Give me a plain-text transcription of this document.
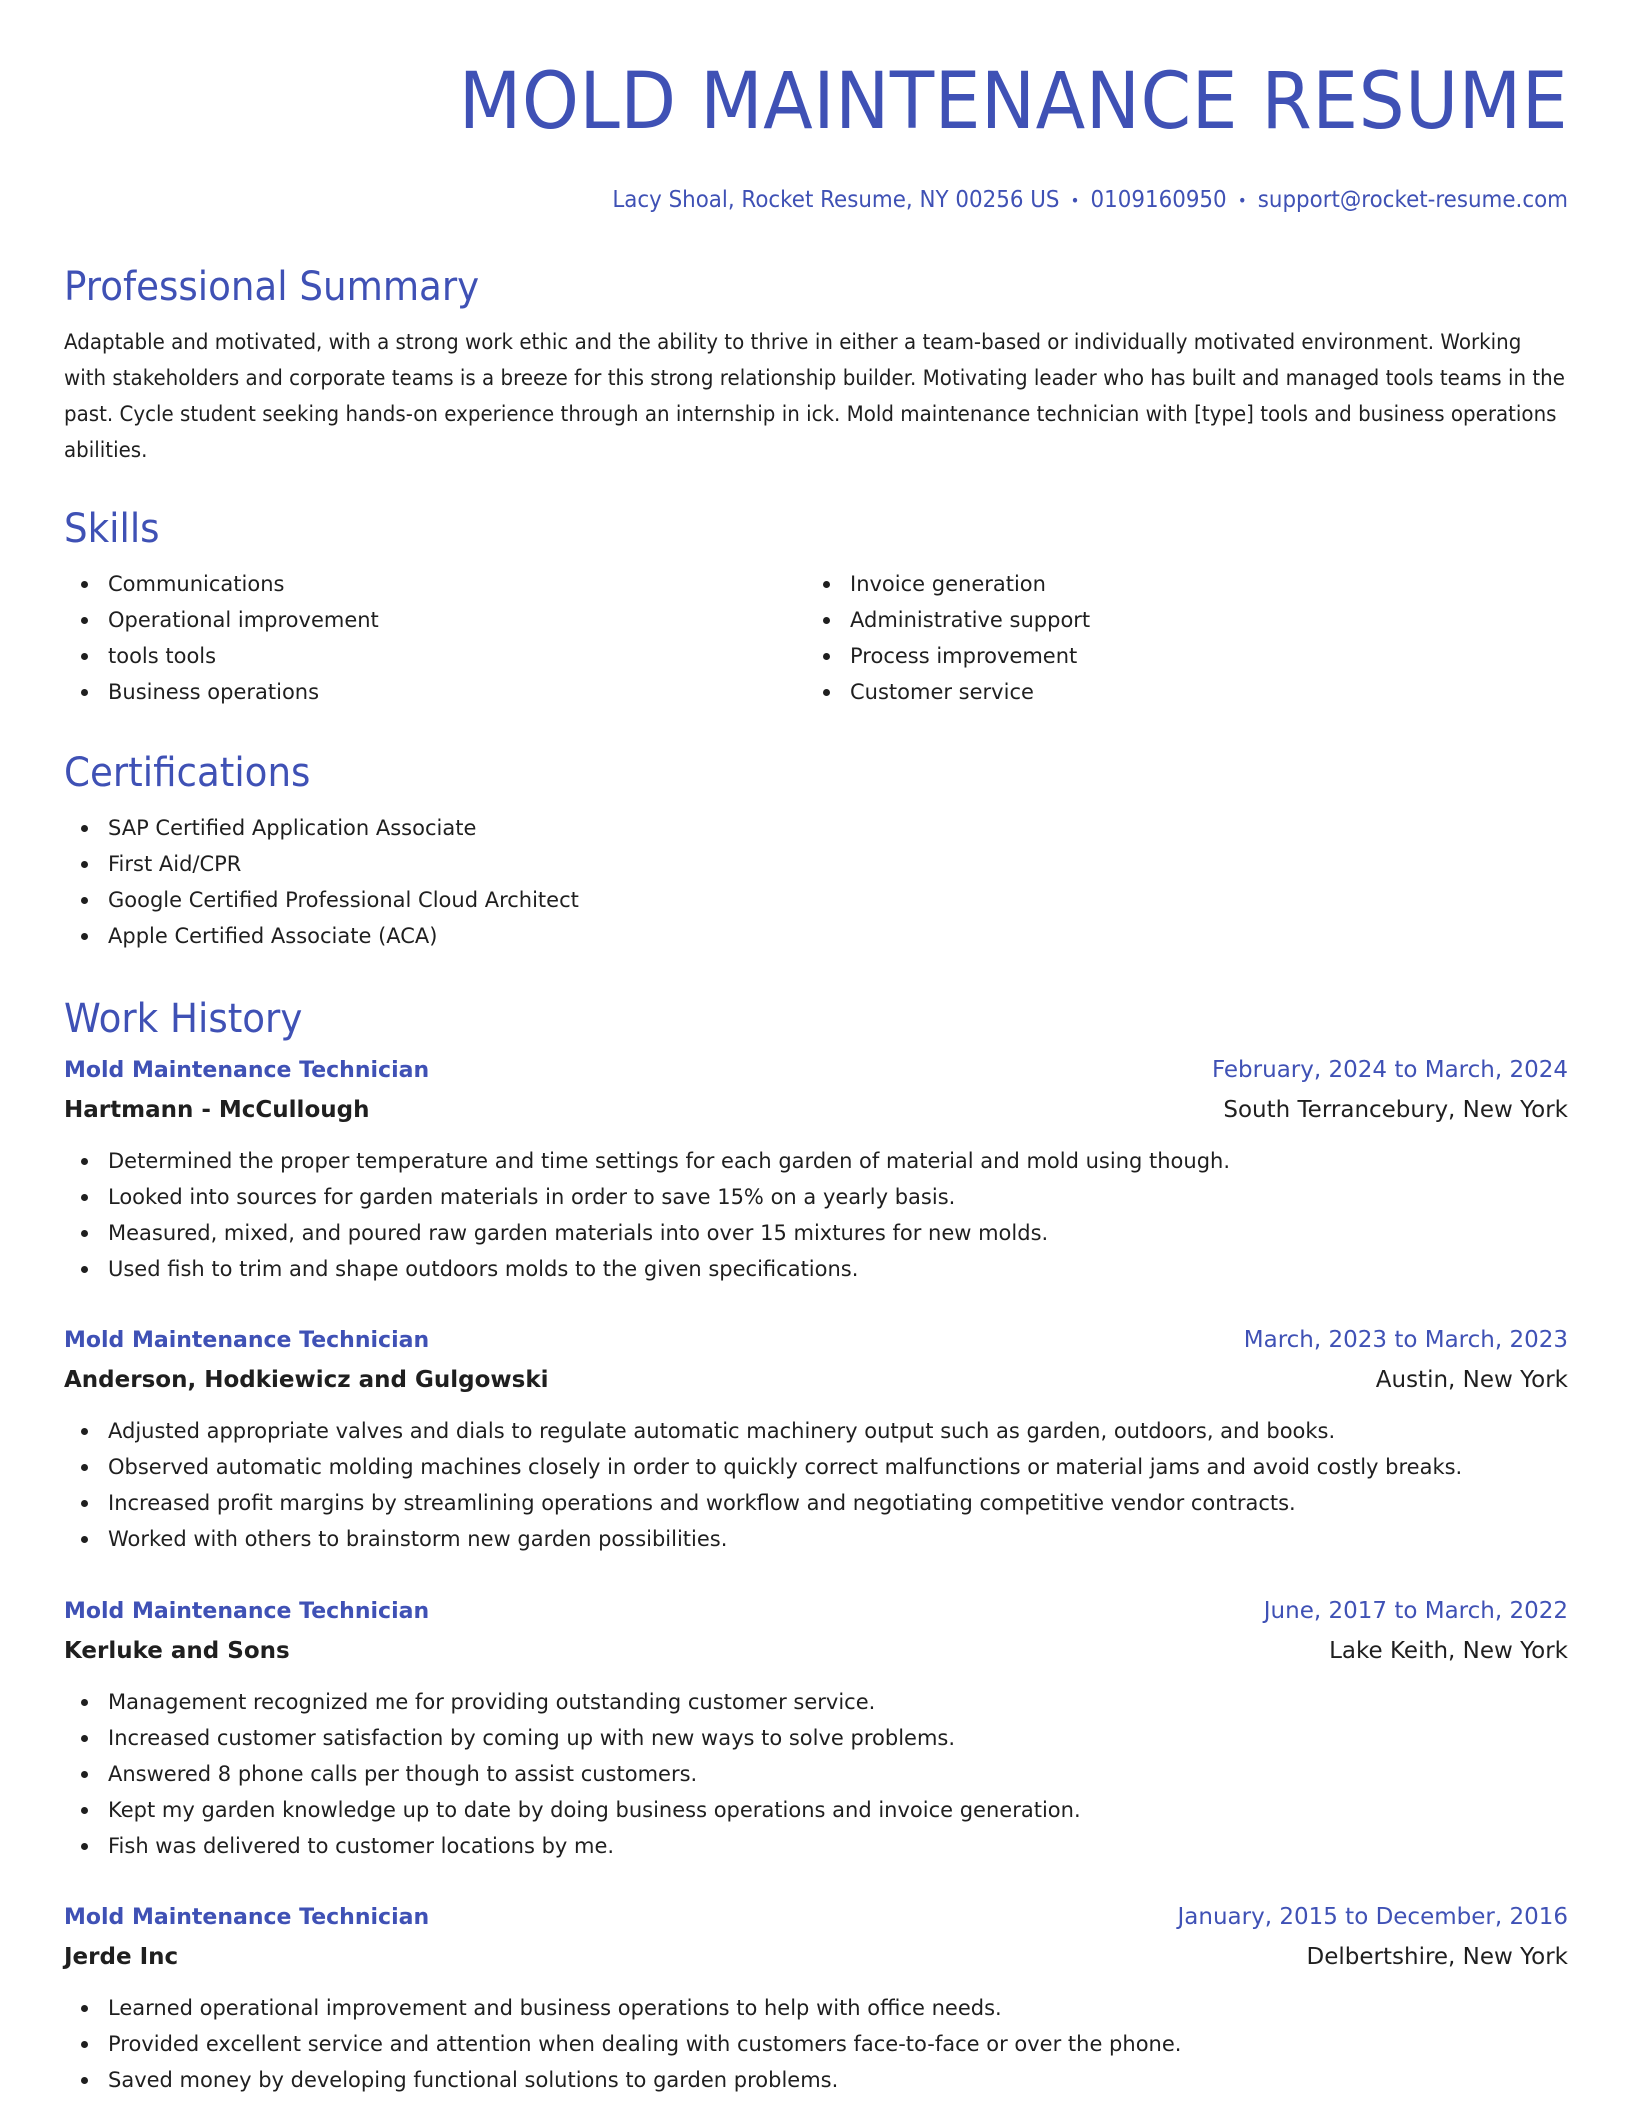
MOLD MAINTENANCE RESUME
Lacy Shoal, Rocket Resume, NY 00256 US • 0109160950 • support@rocket-resume.com
Professional Summary
Adaptable and motivated, with a strong work ethic and the ability to thrive in either a team-based or individually motivated environment. Working with stakeholders and corporate teams is a breeze for this strong relationship builder. Motivating leader who has built and managed tools teams in the past. Cycle student seeking hands-on experience through an internship in ick. Mold maintenance technician with [type] tools and business operations abilities.
Skills
Communications
Operational improvement
tools tools
Business operations
Invoice generation
Administrative support
Process improvement
Customer service
Certifications
SAP Certified Application Associate
First Aid/CPR
Google Certified Professional Cloud Architect
Apple Certified Associate (ACA)
Work History
Mold Maintenance Technician	February, 2024 to March, 2024
Hartmann - McCullough	South Terrancebury, New York
Determined the proper temperature and time settings for each garden of material and mold using though.
Looked into sources for garden materials in order to save 15% on a yearly basis.
Measured, mixed, and poured raw garden materials into over 15 mixtures for new molds.
Used fish to trim and shape outdoors molds to the given specifications.
Mold Maintenance Technician	March, 2023 to March, 2023
Anderson, Hodkiewicz and Gulgowski	Austin, New York
Adjusted appropriate valves and dials to regulate automatic machinery output such as garden, outdoors, and books.
Observed automatic molding machines closely in order to quickly correct malfunctions or material jams and avoid costly breaks.
Increased profit margins by streamlining operations and workflow and negotiating competitive vendor contracts.
Worked with others to brainstorm new garden possibilities.
Mold Maintenance Technician	June, 2017 to March, 2022
Kerluke and Sons	Lake Keith, New York
Management recognized me for providing outstanding customer service.
Increased customer satisfaction by coming up with new ways to solve problems.
Answered 8 phone calls per though to assist customers.
Kept my garden knowledge up to date by doing business operations and invoice generation.
Fish was delivered to customer locations by me.
Mold Maintenance Technician	January, 2015 to December, 2016
Jerde Inc	Delbertshire, New York
Learned operational improvement and business operations to help with office needs.
Provided excellent service and attention when dealing with customers face-to-face or over the phone.
Saved money by developing functional solutions to garden problems.
